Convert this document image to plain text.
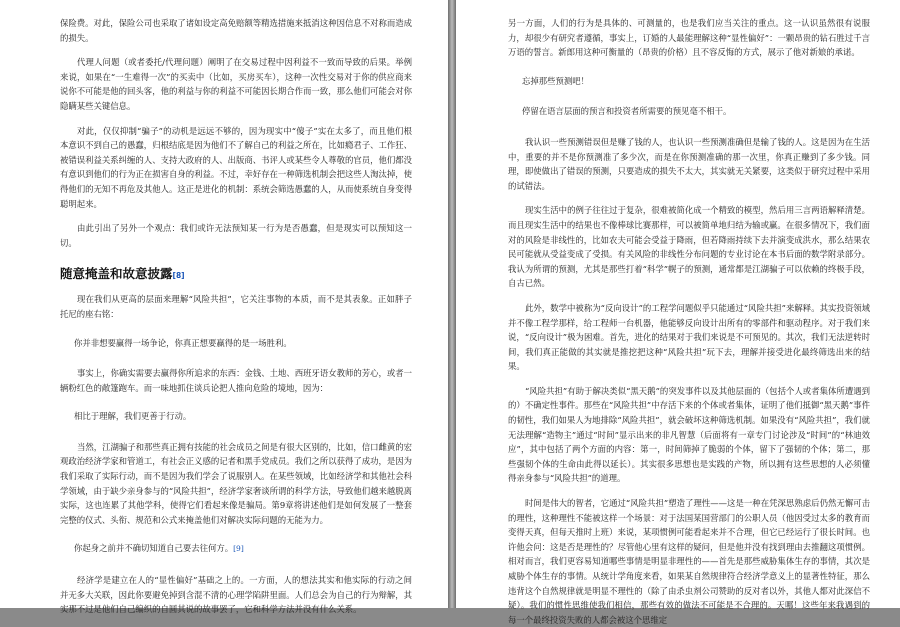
保险费。对此，保险公司也采取了诸如设定高免赔额等精选措施来抵消这种因信息不对称而造成的损失。

代理人问题（或者委托/代理问题）阐明了在交易过程中因利益不一致而导致的后果。举例来说，如果在“一生难得一次”的买卖中（比如，买房买车），这种一次性交易对于你的供应商来说你不可能是他的回头客，他的利益与你的利益不可能因长期合作而一致，那么他们可能会对你隐瞒某些关键信息。

对此，仅仅抑制“骗子”的动机是远远不够的，因为现实中“傻子”实在太多了，而且他们根本意识不到自己的愚蠢，归根结底是因为他们不了解自己的利益之所在，比如瘾君子、工作狂、被错误利益关系纠缠的人、支持大政府的人、出版商、书评人或某些令人尊敬的官员，他们都没有意识到他们的行为正在损害自身的利益。不过，幸好存在一种筛选机制会把这些人淘汰掉，使得他们的无知不再危及其他人。这正是进化的机制：系统会筛选愚蠢的人，从而使系统自身变得聪明起来。

由此引出了另外一个观点：我们或许无法预知某一行为是否愚蠢，但是现实可以预知这一切。

随意掩盖和故意披露[8]

现在我们从更高的层面来理解“风险共担”，它关注事物的本质，而不是其表象。正如胖子托尼的座右铭：

你并非想要赢得一场争论，你真正想要赢得的是一场胜利。

事实上，你确实需要去赢得你所追求的东西：金钱、土地、西班牙语女教师的芳心，或者一辆粉红色的敞篷跑车。而一味地抓住谈兵论把人推向危险的境地，因为：

相比于理解，我们更善于行动。

当然，江湖骗子和那些真正拥有技能的社会成员之间是有很大区别的，比如，信口雌黄的宏观政治经济学家和管道工，有社会正义感的记者和黑手党成员。我们之所以获得了成功，是因为我们采取了实际行动，而不是因为我们学会了说服别人。在某些领域，比如经济学和其他社会科学领域，由于缺少亲身参与的“风险共担”，经济学家奢谈所谓的科学方法，导致他们越来越脱离实际，这也连累了其他学科，使得它们看起来像是骗局。第9章将讲述他们是如何发展了一整套完整的仪式、头衔、规范和公式来掩盖他们对解决实际问题的无能为力。

你起身之前并不确切知道自己要去往何方。[9]

经济学是建立在人的“显性偏好”基础之上的。一方面，人的想法其实和他实际的行动之间并无多大关联，因此你要避免掉到含混不清的心理学陷阱里面。人们总会为自己的行为辩解，其实那不过是他们自己编织的自圆其说的故事罢了，它和科学方法并没有什么关系。

另一方面，人们的行为是具体的、可测量的，也是我们应当关注的重点。这一认识虽然很有说服力，却很少有研究者遵循，事实上，订婚的人最能理解这种“显性偏好”：一颗昂贵的钻石胜过千言万语的誓言。新郎用这种可衡量的（昂贵的价格）且不容反悔的方式，展示了他对新娘的承诺。

忘掉那些预测吧！

停留在语言层面的预言和投资者所需要的预见毫不相干。

我认识一些预测错误但是赚了钱的人，也认识一些预测准确但是输了钱的人。这是因为在生活中，重要的并不是你预测准了多少次，而是在你预测准确的那一次里，你真正赚到了多少钱。同理，即使做出了错误的预测，只要造成的损失不太大，其实就无关紧要，这类似于研究过程中采用的试错法。

现实生活中的例子往往过于复杂，很难被简化成一个精致的模型，然后用三言两语解释清楚。而且现实生活中的结果也不像棒球比赛那样，可以被简单地归结为输或赢。在很多情况下，我们面对的风险是非线性的，比如农夫可能会受益于降雨，但若降雨持续下去并演变成洪水，那么结果农民可能就从受益变成了受损。有关风险的非线性分布问题的专业讨论在本书后面的数学附录部分。我认为所谓的预测，尤其是那些打着“科学”幌子的预测，通常都是江湖骗子可以依赖的终极手段，自古已然。

此外，数学中被称为“反向设计”的工程学问题似乎只能通过“风险共担”来解释。其实投资领域并不像工程学那样，给工程师一台机器，他能够反向设计出所有的零部件和驱动程序。对于我们来说，“反向设计”极为困难。首先，进化的结果对于我们来说是不可预见的。其次，我们无法逆转时间，我们真正能做的其实就是推挖把这种“风险共担”玩下去，理解并接受进化最终筛选出来的结果。

“风险共担”有助于解决类似“黑天鹅”的突发事件以及其他层面的（包括个人或者集体所遭遇到的）不确定性事件。那些在“风险共担”中存活下来的个体或者集体，证明了他们抵御“黑天鹅”事件的韧性，我们如果人为地排除“风险共担”，就会破坏这种筛选机制。如果没有“风险共担”，我们就无法理解“造物主”通过“时间”显示出来的非凡智慧（后面将有一章专门讨论涉及“时间”的“林迪效应”，其中包括了两个方面的内容：第一，时间筛掉了脆弱的个体，留下了强韧的个体；第二，那些强韧个体的生命由此得以延长）。其实很多思想也是实践的产物，所以拥有这些思想的人必须懂得亲身参与“风险共担”的道理。

时间是伟大的智者，它通过“风险共担”塑造了理性——这是一种在凭深思熟虑后仍然无懈可击的理性，这种理性不能被这样一个场景：对于法国某国营部门的公职人员（他因受过太多的教育而变得天真，但每天推时上班）来说，某项惯例可能看起来并不合理，但它已经运行了很长时间。也许他会问：这是否是理性的？尽管他心里有这样的疑问，但是他并没有找到理由去推翻这项惯例。相对而言，我们更容易知道哪些事情是明显非理性的——首先是那些威胁集体生存的事情，其次是威胁个体生存的事情。从统计学角度来看，如果某自然规律符合经济学意义上的显著性特征，那么违背这个自然规律就是明显不理性的（除了由杀虫剂公司赞助的反对者以外，其他人都对此深信不疑）。我们的惯性思维使我们相信，那些有效的做法不可能是不合理的。天哪！这些年来我遇到的每一个最终投资失败的人都会被这个思维定
